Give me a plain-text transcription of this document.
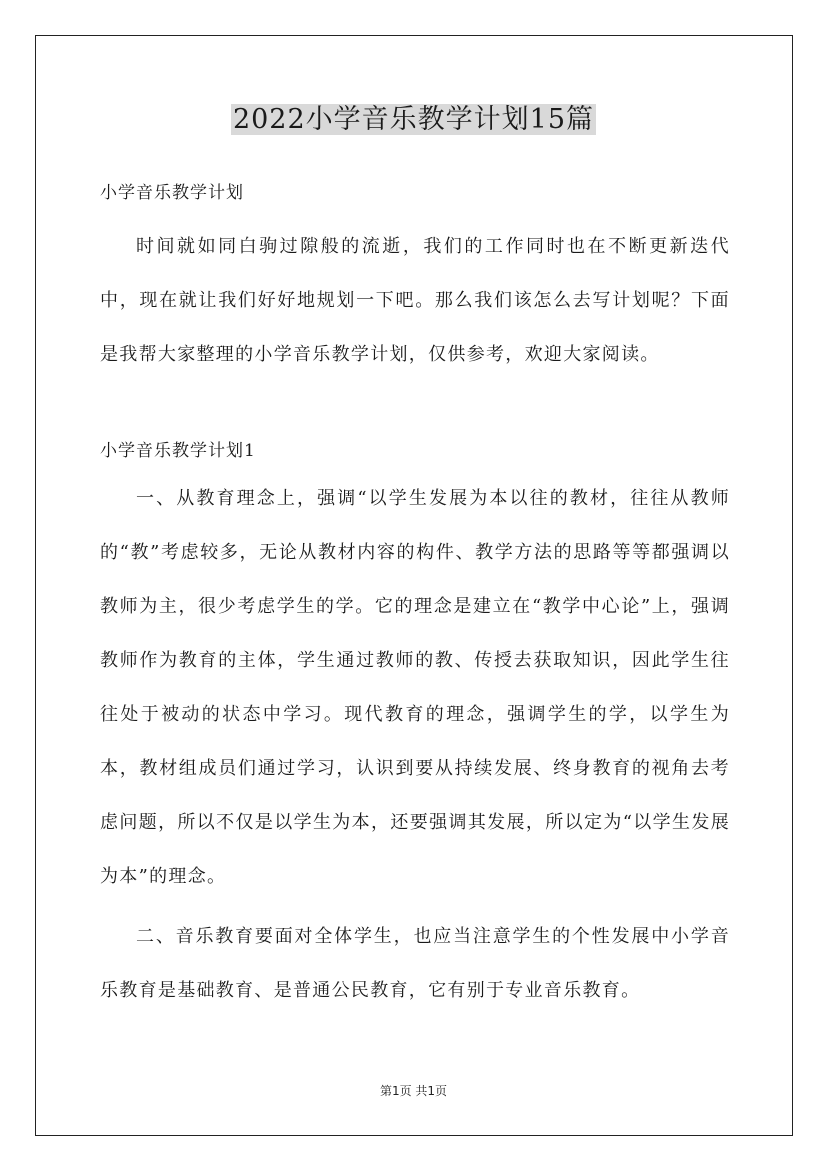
2022小学音乐教学计划15篇

小学音乐教学计划

时间就如同白驹过隙般的流逝，我们的工作同时也在不断更新迭代中，现在就让我们好好地规划一下吧。那么我们该怎么去写计划呢？下面是我帮大家整理的小学音乐教学计划，仅供参考，欢迎大家阅读。

小学音乐教学计划1

一、从教育理念上，强调“以学生发展为本以往的教材，往往从教师的“教”考虑较多，无论从教材内容的构件、教学方法的思路等等都强调以教师为主，很少考虑学生的学。它的理念是建立在“教学中心论”上，强调教师作为教育的主体，学生通过教师的教、传授去获取知识，因此学生往往处于被动的状态中学习。现代教育的理念，强调学生的学，以学生为本，教材组成员们通过学习，认识到要从持续发展、终身教育的视角去考虑问题，所以不仅是以学生为本，还要强调其发展，所以定为“以学生发展为本”的理念。

二、音乐教育要面对全体学生，也应当注意学生的个性发展中小学音乐教育是基础教育、是普通公民教育，它有别于专业音乐教育。

第1页 共1页
